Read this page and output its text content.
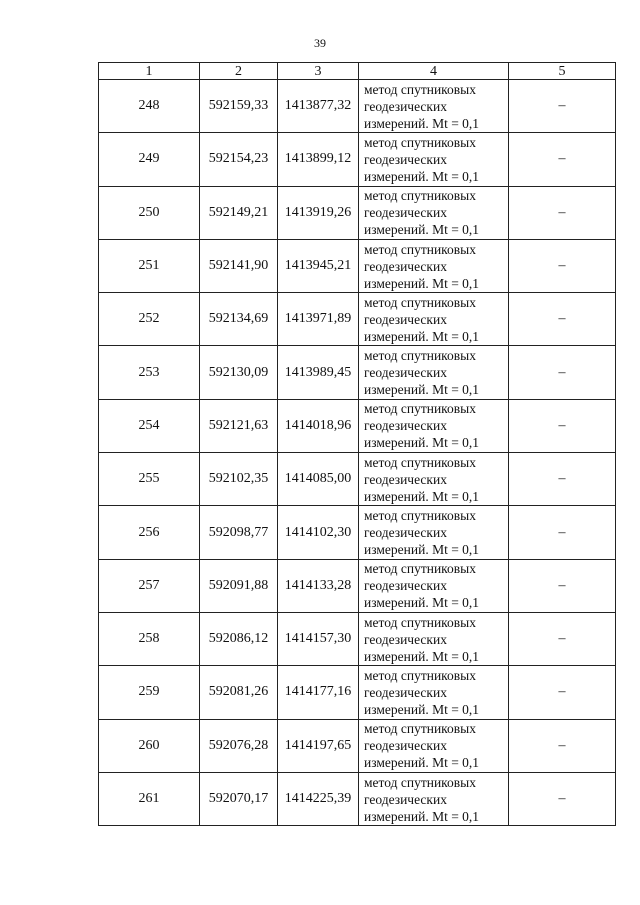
39
1	2	3	4	5
248	592159,33	1413877,32	метод спутниковых
геодезических
измерений. Mt = 0,1	–
249	592154,23	1413899,12	метод спутниковых
геодезических
измерений. Mt = 0,1	–
250	592149,21	1413919,26	метод спутниковых
геодезических
измерений. Mt = 0,1	–
251	592141,90	1413945,21	метод спутниковых
геодезических
измерений. Mt = 0,1	–
252	592134,69	1413971,89	метод спутниковых
геодезических
измерений. Mt = 0,1	–
253	592130,09	1413989,45	метод спутниковых
геодезических
измерений. Mt = 0,1	–
254	592121,63	1414018,96	метод спутниковых
геодезических
измерений. Mt = 0,1	–
255	592102,35	1414085,00	метод спутниковых
геодезических
измерений. Mt = 0,1	–
256	592098,77	1414102,30	метод спутниковых
геодезических
измерений. Mt = 0,1	–
257	592091,88	1414133,28	метод спутниковых
геодезических
измерений. Mt = 0,1	–
258	592086,12	1414157,30	метод спутниковых
геодезических
измерений. Mt = 0,1	–
259	592081,26	1414177,16	метод спутниковых
геодезических
измерений. Mt = 0,1	–
260	592076,28	1414197,65	метод спутниковых
геодезических
измерений. Mt = 0,1	–
261	592070,17	1414225,39	метод спутниковых
геодезических
измерений. Mt = 0,1	–
